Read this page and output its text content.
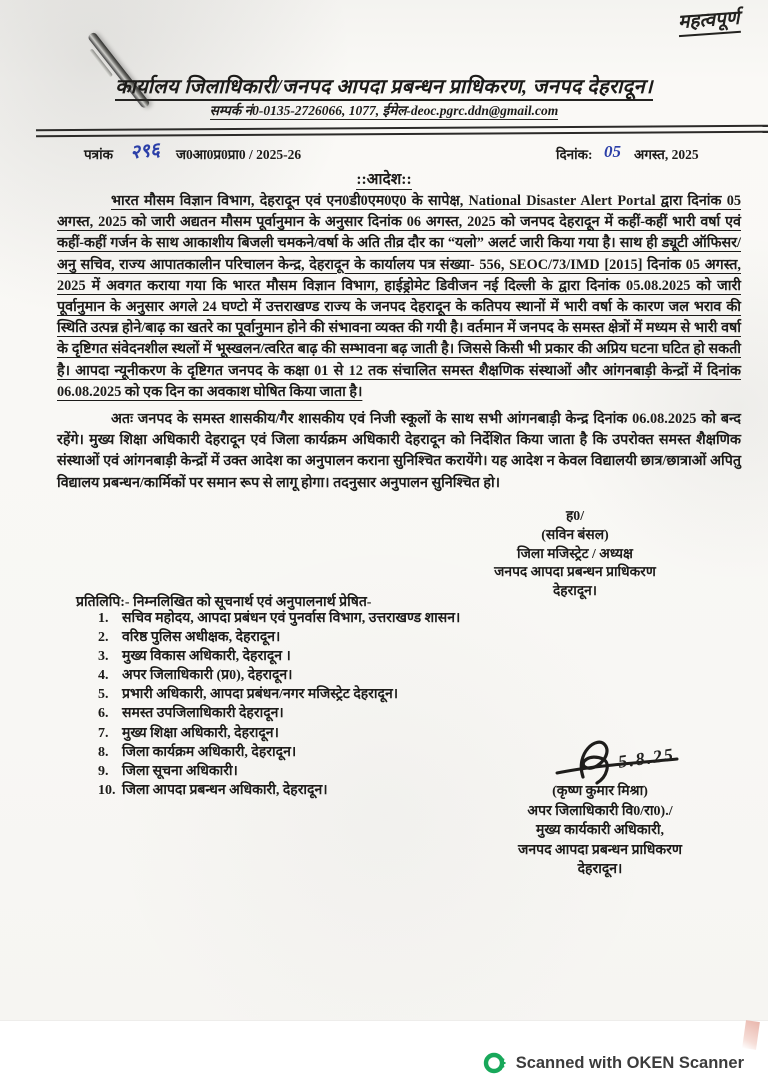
महत्वपूर्ण
कार्यालय जिलाधिकारी/जनपद आपदा प्रबन्धन प्राधिकरण, जनपद देहरादून।
सम्पर्क नं0-0135-2726066, 1077, ईमेल-deoc.pgrc.ddn@gmail.com
पत्रांक २९६ ज0आ0प्र0प्रा0 / 2025-26	दिनांक: 05 अगस्त, 2025
::आदेश::
भारत मौसम विज्ञान विभाग, देहरादून एवं एन0डी0एम0ए0 के सापेक्ष, National Disaster Alert Portal द्वारा दिनांक 05 अगस्त, 2025 को जारी अद्यतन मौसम पूर्वानुमान के अनुसार दिनांक 06 अगस्त, 2025 को जनपद देहरादून में कहीं-कहीं भारी वर्षा एवं कहीं-कहीं गर्जन के साथ आकाशीय बिजली चमकने/वर्षा के अति तीव्र दौर का “यलो” अलर्ट जारी किया गया है। साथ ही ड्यूटी ऑफिसर/अनु सचिव, राज्य आपातकालीन परिचालन केन्द्र, देहरादून के कार्यालय पत्र संख्या- 556, SEOC/73/IMD [2015] दिनांक 05 अगस्त, 2025 में अवगत कराया गया कि भारत मौसम विज्ञान विभाग, हाईड्रोमेट डिवीजन नई दिल्ली के द्वारा दिनांक 05.08.2025 को जारी पूर्वानुमान के अनुसार अगले 24 घण्टो में उत्तराखण्ड राज्य के जनपद देहरादून के कतिपय स्थानों में भारी वर्षा के कारण जल भराव की स्थिति उत्पन्न होने/बाढ़ का खतरे का पूर्वानुमान होने की संभावना व्यक्त की गयी है। वर्तमान में जनपद के समस्त क्षेत्रों में मध्यम से भारी वर्षा के दृष्टिगत संवेदनशील स्थलों में भूस्खलन/त्वरित बाढ़ की सम्भावना बढ़ जाती है। जिससे किसी भी प्रकार की अप्रिय घटना घटित हो सकती है। आपदा न्यूनीकरण के दृष्टिगत जनपद के कक्षा 01 से 12 तक संचालित समस्त शैक्षणिक संस्थाओं और आंगनबाड़ी केन्द्रों में दिनांक 06.08.2025 को एक दिन का अवकाश घोषित किया जाता है।
अतः जनपद के समस्त शासकीय/गैर शासकीय एवं निजी स्कूलों के साथ सभी आंगनबाड़ी केन्द्र दिनांक 06.08.2025 को बन्द रहेंगे। मुख्य शिक्षा अधिकारी देहरादून एवं जिला कार्यक्रम अधिकारी देहरादून को निर्देशित किया जाता है कि उपरोक्त समस्त शैक्षणिक संस्थाओं एवं आंगनबाड़ी केन्द्रों में उक्त आदेश का अनुपालन कराना सुनिश्चित करायेंगे। यह आदेश न केवल विद्यालयी छात्र/छात्राओं अपितु विद्यालय प्रबन्धन/कार्मिकों पर समान रूप से लागू होगा। तदनुसार अनुपालन सुनिश्चित हो।
ह0/
(सविन बंसल)
जिला मजिस्ट्रेट / अध्यक्ष
जनपद आपदा प्रबन्धन प्राधिकरण
देहरादून।
प्रतिलिपि:- निम्नलिखित को सूचनार्थ एवं अनुपालनार्थ प्रेषित-
1. सचिव महोदय, आपदा प्रबंधन एवं पुनर्वास विभाग, उत्तराखण्ड शासन।
2. वरिष्ठ पुलिस अधीक्षक, देहरादून।
3. मुख्य विकास अधिकारी, देहरादून ।
4. अपर जिलाधिकारी (प्र0), देहरादून।
5. प्रभारी अधिकारी, आपदा प्रबंधन/नगर मजिस्ट्रेट देहरादून।
6. समस्त उपजिलाधिकारी देहरादून।
7. मुख्य शिक्षा अधिकारी, देहरादून।
8. जिला कार्यक्रम अधिकारी, देहरादून।
9. जिला सूचना अधिकारी।
10. जिला आपदा प्रबन्धन अधिकारी, देहरादून।
5.8.25
(कृष्ण कुमार मिश्रा)
अपर जिलाधिकारी वि0/रा0)./
मुख्य कार्यकारी अधिकारी,
जनपद आपदा प्रबन्धन प्राधिकरण
देहरादून।
Scanned with OKEN Scanner
